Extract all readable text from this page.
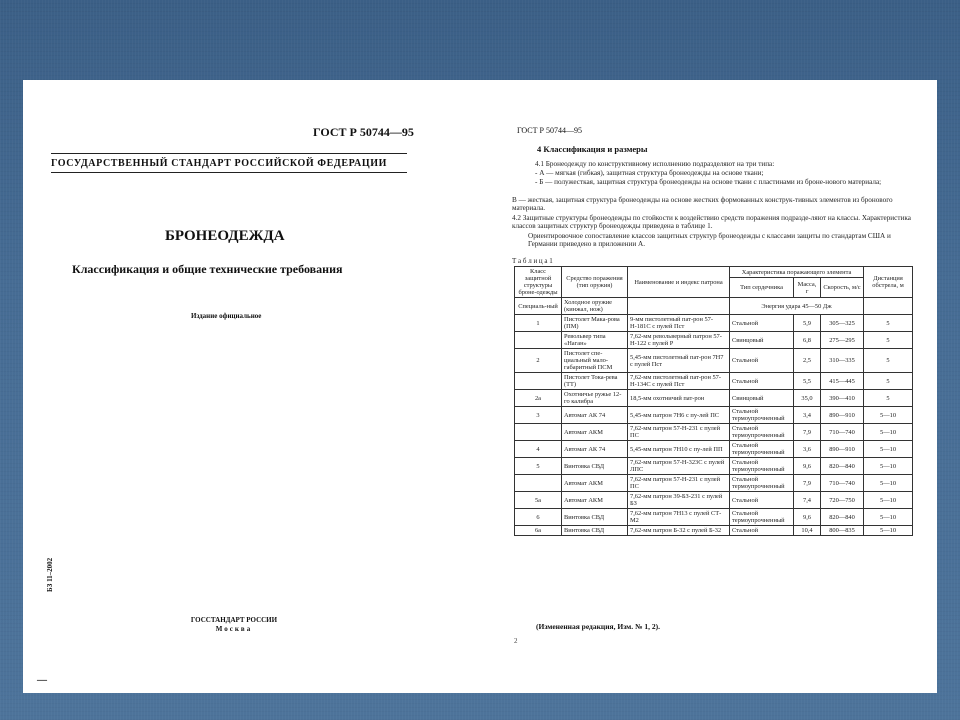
ГОСТ Р 50744—95
ГОСУДАРСТВЕННЫЙ СТАНДАРТ РОССИЙСКОЙ ФЕДЕРАЦИИ
БРОНЕОДЕЖДА
Классификация и общие технические требования
Издание официальное
БЗ 11–2002
ГОССТАНДАРТ РОССИИ
Москва
—
ГОСТ Р 50744—95
4 Классификация и размеры
4.1 Бронеодежду по конструктивному исполнению подразделяют на три типа:
- А — мягкая (гибкая), защитная структура бронеодежды на основе ткани;
- Б — полужесткая, защитная структура бронеодежды на основе ткани с пластинами из броне-нового материала;
В — жесткая, защитная структура бронеодежды на основе жестких формованных конструк-тивных элементов из бронового материала.
4.2 Защитные структуры бронеодежды по стойкости к воздействию средств поражения подразде-ляют на классы. Характеристика классов защитных структур бронеодежды приведена в таблице 1.
Ориентировочное сопоставление классов защитных структур бронеодежды с классами защиты по стандартам США и Германии приведено в приложении А.
Т а б л и ц а 1
Класс защитной структуры броне-одежды	Средство поражения (тип оружия)	Наименование и индекс патрона	Характеристика поражающего элемента			Дистанция обстрела, м
			Тип сердечника	Масса, г	Скорость, м/с	
Специаль-ный	Холодное оружие (кинжал, нож)		Энергия удара 45—50 Дж			
1	Пистолет Мака-рова (ПМ)	9-мм пистолетный пат-рон 57-Н-181С с пулей Пст	Стальной	5,9	305—325	5
	Револьвер типа «Наган»	7,62-мм револьверный патрон 57-Н-122 с пулей Р	Свинцовый	6,8	275—295	5
2	Пистолет спе-циальный мало-габаритный ПСМ	5,45-мм пистолетный пат-рон 7Н7 с пулей Пст	Стальной	2,5	310—335	5
	Пистолет Тока-рева (ТТ)	7,62-мм пистолетный пат-рон 57-Н-134С с пулей Пст	Стальной	5,5	415—445	5
2а	Охотничье ружье 12-го калибра	18,5-мм охотничий пат-рон	Свинцовый	35,0	390—410	5
3	Автомат АК 74	5,45-мм патрон 7Н6 с пу-лей ПС	Стальной термоупрочненный	3,4	890—910	5—10
	Автомат АКМ	7,62-мм патрон 57-Н-231 с пулей ПС	Стальной термоупрочненный	7,9	710—740	5—10
4	Автомат АК 74	5,45-мм патрон 7Н10 с пу-лей ПП	Стальной термоупрочненный	3,6	890—910	5—10
5	Винтовка СВД	7,62-мм патрон 57-Н-323С с пулей ЛПС	Стальной термоупрочненный	9,6	820—840	5—10
	Автомат АКМ	7,62-мм патрон 57-Н-231 с пулей ПС	Стальной термоупрочненный	7,9	710—740	5—10
5а	Автомат АКМ	7,62-мм патрон 39-БЗ-231 с пулей БЗ	Стальной	7,4	720—750	5—10
6	Винтовка СВД	7,62-мм патрон 7Н13 с пулей СТ-М2	Стальной термоупрочненный	9,6	820—840	5—10
6а	Винтовка СВД	7,62-мм патрон Б-32 с пулей Б-32	Стальной	10,4	800—835	5—10
(Измененная редакция, Изм. № 1, 2).
2
